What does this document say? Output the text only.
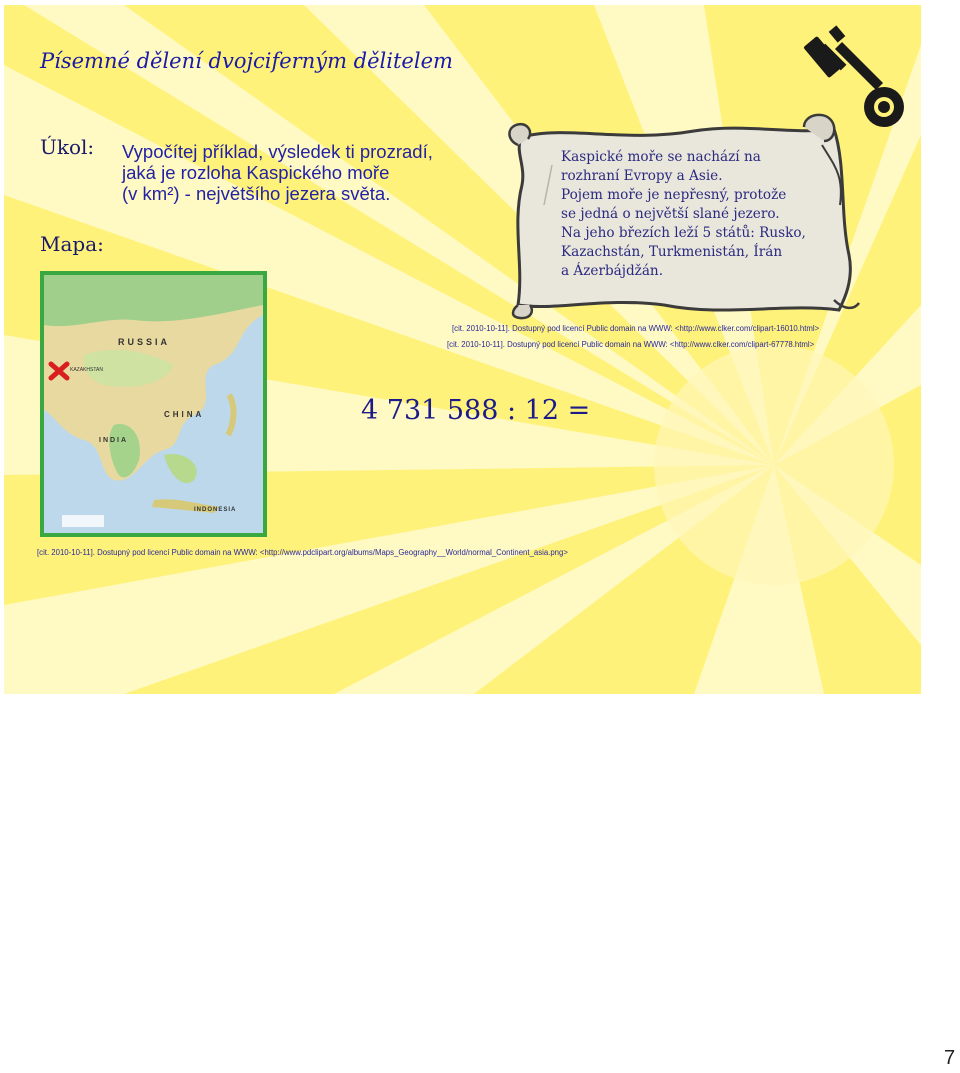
Písemné dělení dvojciferným dělitelem
Úkol: Vypočítej příklad, výsledek ti prozradí,
jaká je rozloha Kaspického moře
(v km²) - největšího jezera světa.
Mapa:
Kaspické moře se nachází na
rozhraní Evropy a Asie.
Pojem moře je nepřesný, protože
se jedná o největší slané jezero.
Na jeho březích leží 5 států: Rusko,
Kazachstán, Turkmenistán, Írán
a Ázerbájdžán.
[cit. 2010-10-11]. Dostupný pod licencí Public domain na WWW: <http://www.clker.com/clipart-16010.html>
[cit. 2010-10-11]. Dostupný pod licencí Public domain na WWW: <http://www.clker.com/clipart-67778.html>
RUSSIA
CHINA
INDIA
INDONESIA
KAZAKHSTAN
4 731 588 : 12 =
[cit. 2010-10-11]. Dostupný pod licencí Public domain na WWW: <http://www.pdclipart.org/albums/Maps_Geography__World/normal_Continent_asia.png>
7
